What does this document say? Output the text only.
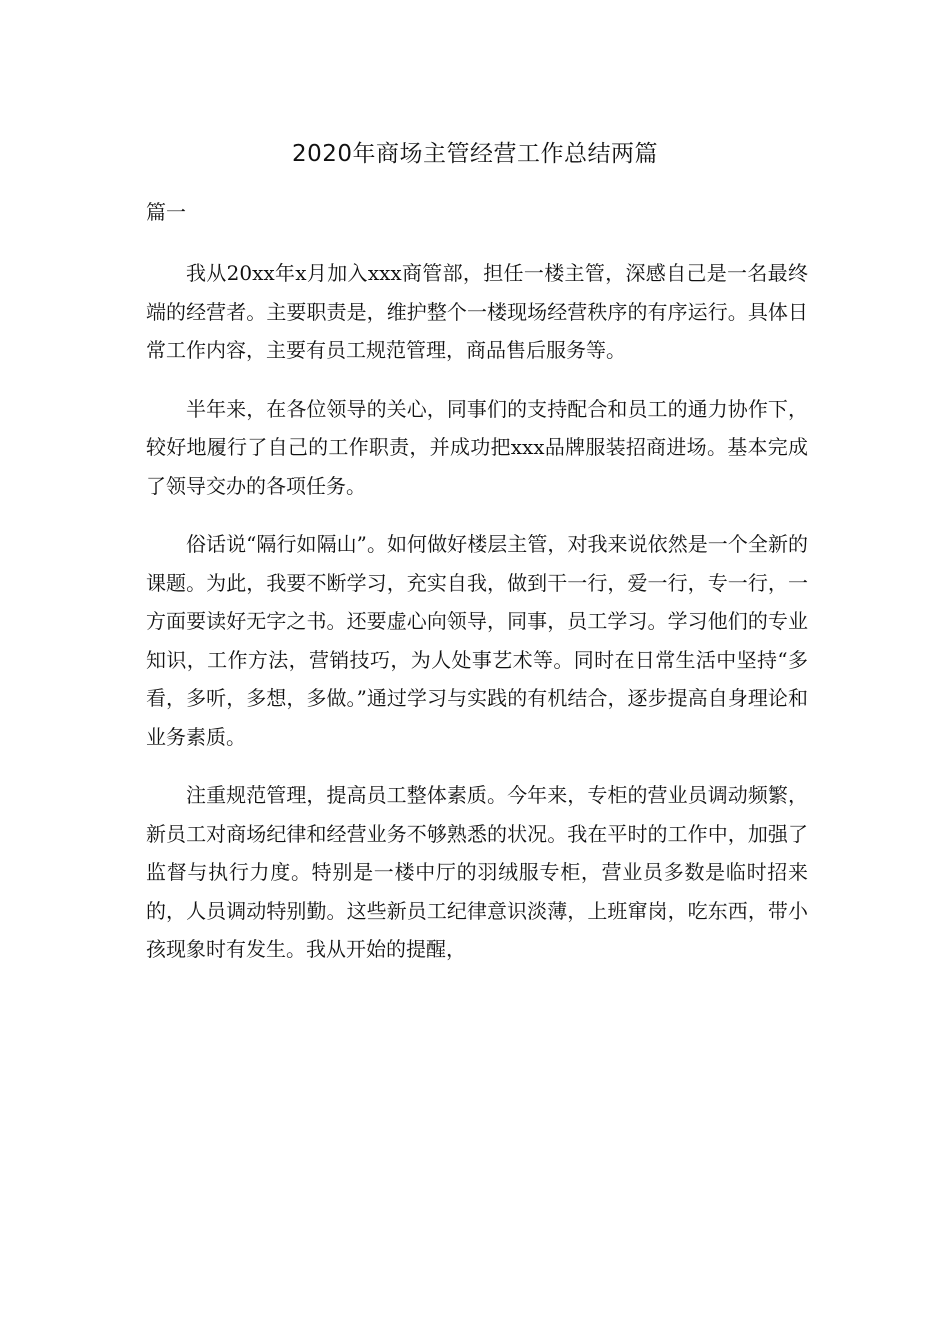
2020年商场主管经营工作总结两篇
篇一

我从20xx年x月加入xxx商管部，担任一楼主管，深感自己是一名最终端的经营者。主要职责是，维护整个一楼现场经营秩序的有序运行。具体日常工作内容，主要有员工规范管理，商品售后服务等。

半年来，在各位领导的关心，同事们的支持配合和员工的通力协作下，较好地履行了自己的工作职责，并成功把xxx品牌服装招商进场。基本完成了领导交办的各项任务。

俗话说“隔行如隔山”。如何做好楼层主管，对我来说依然是一个全新的课题。为此，我要不断学习，充实自我，做到干一行，爱一行，专一行，一方面要读好无字之书。还要虚心向领导，同事，员工学习。学习他们的专业知识，工作方法，营销技巧，为人处事艺术等。同时在日常生活中坚持“多看，多听，多想，多做。”通过学习与实践的有机结合，逐步提高自身理论和业务素质。

注重规范管理，提高员工整体素质。今年来，专柜的营业员调动频繁，新员工对商场纪律和经营业务不够熟悉的状况。我在平时的工作中，加强了监督与执行力度。特别是一楼中厅的羽绒服专柜，营业员多数是临时招来的，人员调动特别勤。这些新员工纪律意识淡薄，上班窜岗，吃东西，带小孩现象时有发生。我从开始的提醒，
